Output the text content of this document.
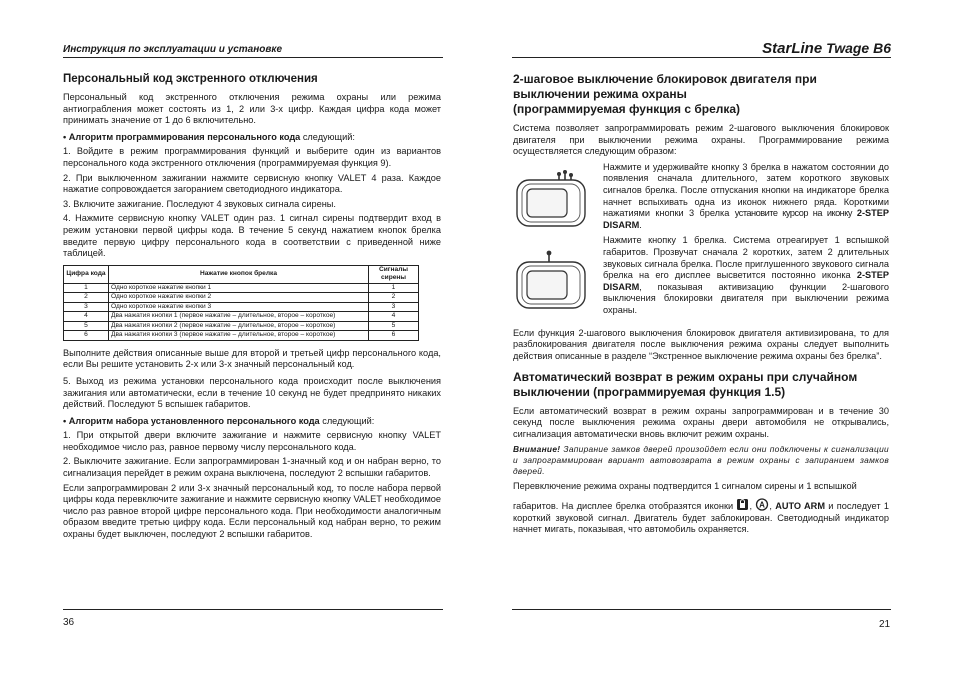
Инструкция по эксплуатации и установке
Персональный код экстренного отключения

Персональный код экстренного отключения режима охраны или режима антиограбления может состоять из 1, 2 или 3-х цифр. Каждая цифра кода может принимать значение от 1 до 6 включительно.

• Алгоритм программирования персонального кода следующий:

1. Войдите в режим программирования функций и выберите один из вариантов персонального кода экстренного отключения (программируемая функция 9).

2. При выключенном зажигании нажмите сервисную кнопку VALET 4 раза. Каждое нажатие сопровождается загоранием светодиодного индикатора.

3. Включите зажигание. Последуют 4 звуковых сигнала сирены.

4. Нажмите сервисную кнопку VALET один раз. 1 сигнал сирены подтвердит вход в режим установки первой цифры кода. В течение 5 секунд нажатием кнопок брелка введите первую цифру персонального кода в соответствии с приведенной ниже таблицей.

Цифра кода	Нажатие кнопок брелка	Сигналы сирены
1	Одно короткое нажатие кнопки 1	1
2	Одно короткое нажатие кнопки 2	2
3	Одно короткое нажатие кнопки 3	3
4	Два нажатия кнопки 1 (первое нажатие – длительное, второе – короткое)	4
5	Два нажатия кнопки 2 (первое нажатие – длительное, второе – короткое)	5
6	Два нажатия кнопки 3 (первое нажатие – длительное, второе – короткое)	6

Выполните действия описанные выше для второй и третьей цифр персонального кода, если Вы решите установить 2-х или 3-х значный персональный код.

5. Выход из режима установки персонального кода происходит после выключения зажигания или автоматически, если в течение 10 секунд не будет предпринято никаких действий. Последуют 5 вспышек габаритов.

• Алгоритм набора установленного персонального кода следующий:

1. При открытой двери включите зажигание и нажмите сервисную кнопку VALET необходимое число раз, равное первому числу персонального кода.

2. Выключите зажигание. Если запрограммирован 1-значный код и он набран верно, то сигнализация перейдет в режим охрана выключена, последуют 2 вспышки габаритов.

Если запрограммирован 2 или 3-х значный персональный код, то после набора первой цифры кода перевключите зажигание и нажмите сервисную кнопку VALET необходимое число раз равное второй цифре персонального кода. При необходимости аналогичным образом введите третью цифру кода. Если персональный код набран верно, то режим охраны будет выключен, последуют 2 вспышки габаритов.

36
StarLine Twage B6
2-шаговое выключение блокировок двигателя при
выключении режима охраны
(программируемая функция с брелка)

Система позволяет запрограммировать режим 2-шагового выключения блокировок двигателя при выключении режима охраны. Программирование режима осуществляется следующим образом:

Нажмите и удерживайте кнопку 3 брелка в нажатом состоянии до появления сначала длительного, затем короткого звуковых сигналов брелка. После отпускания кнопки на индикаторе брелка начнет вспыхивать одна из иконок нижнего ряда. Короткими нажатиями кнопки 3 брелка установите курсор на иконку 2-STEP DISARM.

Нажмите кнопку 1 брелка. Система отреагирует 1 вспышкой габаритов. Прозвучат сначала 2 коротких, затем 2 длительных звуковых сигнала брелка. После приглушенного звукового сигнала брелка на его дисплее высветится постоянно иконка 2-STEP DISARM, показывая активизацию функции 2-шагового выключения блокировки двигателя при выключении режима охраны.

Если функция 2-шагового выключения блокировок двигателя активизирована, то для разблокирования двигателя после выключения режима охраны следует выполнить действия описанные в разделе “Экстренное выключение режима охраны без брелка”.

Автоматический возврат в режим охраны при случайном выключении (программируемая функция 1.5)

Если автоматический возврат в режим охраны запрограммирован и в течение 30 секунд после выключения режима охраны двери автомобиля не открывались, сигнализация автоматически вновь включит режим охраны.

Внимание! Запирание замков дверей произойдет если они подключены к сигнализации и запрограммирован вариант автовозврата в режим охраны с запиранием замков дверей.

Перевключение режима охраны подтвердится 1 сигналом сирены и 1 вспышкой

габаритов. На дисплее брелка отобразятся иконки , A , AUTO ARM и последует 1 короткий звуковой сигнал. Двигатель будет заблокирован. Светодиодный индикатор начнет мигать, показывая, что автомобиль охраняется.

21
